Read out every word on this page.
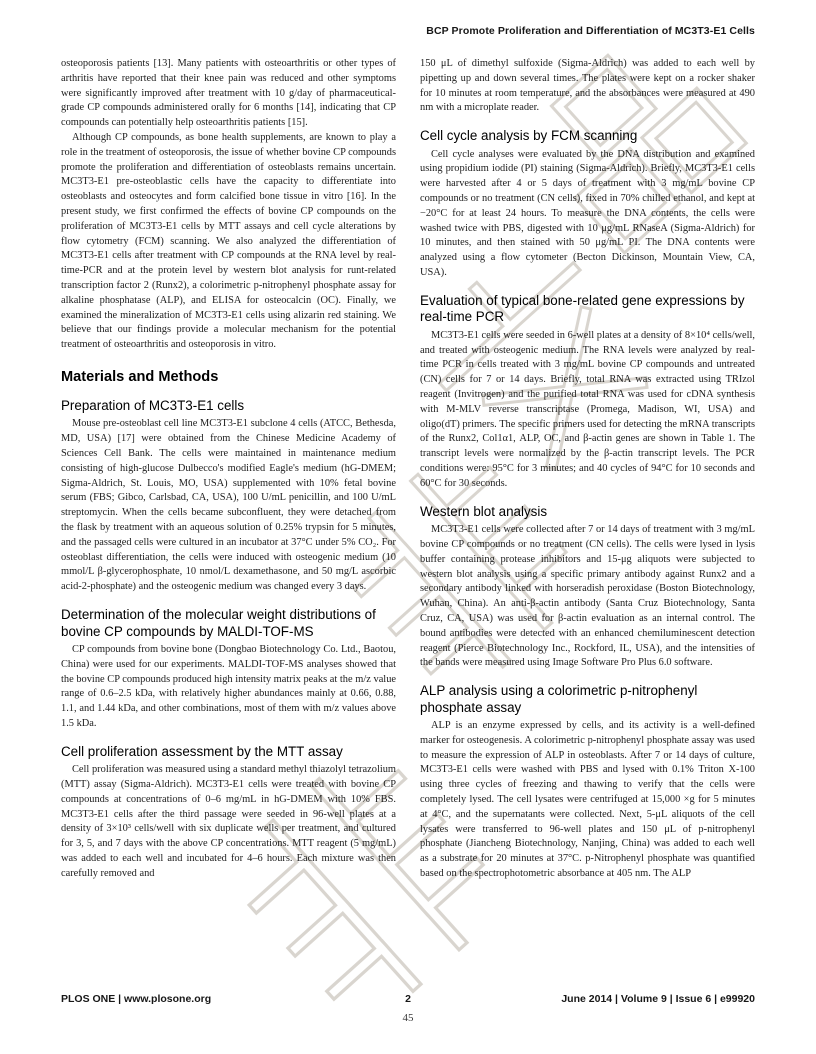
BCP Promote Proliferation and Differentiation of MC3T3-E1 Cells

osteoporosis patients [13]. Many patients with osteoarthritis or other types of arthritis have reported that their knee pain was reduced and other symptoms were significantly improved after treatment with 10 g/day of pharmaceutical-grade CP compounds administered orally for 6 months [14], indicating that CP compounds can potentially help osteoarthritis patients [15].

Although CP compounds, as bone health supplements, are known to play a role in the treatment of osteoporosis, the issue of whether bovine CP compounds promote the proliferation and differentiation of osteoblasts remains uncertain. MC3T3-E1 pre-osteoblastic cells have the capacity to differentiate into osteoblasts and osteocytes and form calcified bone tissue in vitro [16]. In the present study, we first confirmed the effects of bovine CP compounds on the proliferation of MC3T3-E1 cells by MTT assays and cell cycle alterations by flow cytometry (FCM) scanning. We also analyzed the differentiation of MC3T3-E1 cells after treatment with CP compounds at the RNA level by real-time-PCR and at the protein level by western blot analysis for runt-related transcription factor 2 (Runx2), a colorimetric p-nitrophenyl phosphate assay for alkaline phosphatase (ALP), and ELISA for osteocalcin (OC). Finally, we examined the mineralization of MC3T3-E1 cells using alizarin red staining. We believe that our findings provide a molecular mechanism for the potential treatment of osteoarthritis and osteoporosis in vitro.

Materials and Methods
Preparation of MC3T3-E1 cells

Mouse pre-osteoblast cell line MC3T3-E1 subclone 4 cells (ATCC, Bethesda, MD, USA) [17] were obtained from the Chinese Medicine Academy of Sciences Cell Bank. The cells were maintained in maintenance medium consisting of high-glucose Dulbecco's modified Eagle's medium (hG-DMEM; Sigma-Aldrich, St. Louis, MO, USA) supplemented with 10% fetal bovine serum (FBS; Gibco, Carlsbad, CA, USA), 100 U/mL penicillin, and 100 U/mL streptomycin. When the cells became subconfluent, they were detached from the flask by treatment with an aqueous solution of 0.25% trypsin for 5 minutes, and the passaged cells were cultured in an incubator at 37°C under 5% CO₂. For osteoblast differentiation, the cells were induced with osteogenic medium (10 mmol/L β-glycerophosphate, 10 nmol/L dexamethasone, and 50 mg/L ascorbic acid-2-phosphate) and the osteogenic medium was changed every 3 days.

Determination of the molecular weight distributions of bovine CP compounds by MALDI-TOF-MS

CP compounds from bovine bone (Dongbao Biotechnology Co. Ltd., Baotou, China) were used for our experiments. MALDI-TOF-MS analyses showed that the bovine CP compounds produced high intensity matrix peaks at the m/z value range of 0.6–2.5 kDa, with relatively higher abundances mainly at 0.66, 0.88, 1.1, and 1.44 kDa, and other combinations, most of them with m/z values above 1.5 kDa.

Cell proliferation assessment by the MTT assay

Cell proliferation was measured using a standard methyl thiazolyl tetrazolium (MTT) assay (Sigma-Aldrich). MC3T3-E1 cells were treated with bovine CP compounds at concentrations of 0–6 mg/mL in hG-DMEM with 10% FBS. MC3T3-E1 cells after the third passage were seeded in 96-well plates at a density of 3×10³ cells/well with six duplicate wells per treatment, and cultured for 3, 5, and 7 days with the above CP concentrations. MTT reagent (5 mg/mL) was added to each well and incubated for 4–6 hours. Each mixture was then carefully removed and

150 μL of dimethyl sulfoxide (Sigma-Aldrich) was added to each well by pipetting up and down several times. The plates were kept on a rocker shaker for 10 minutes at room temperature, and the absorbances were measured at 490 nm with a microplate reader.

Cell cycle analysis by FCM scanning

Cell cycle analyses were evaluated by the DNA distribution and examined using propidium iodide (PI) staining (Sigma-Aldrich). Briefly, MC3T3-E1 cells were harvested after 4 or 5 days of treatment with 3 mg/mL bovine CP compounds or no treatment (CN cells), fixed in 70% chilled ethanol, and kept at −20°C for at least 24 hours. To measure the DNA contents, the cells were washed twice with PBS, digested with 10 μg/mL RNaseA (Sigma-Aldrich) for 10 minutes, and then stained with 50 μg/mL PI. The DNA contents were analyzed using a flow cytometer (Becton Dickinson, Mountain View, CA, USA).

Evaluation of typical bone-related gene expressions by real-time PCR

MC3T3-E1 cells were seeded in 6-well plates at a density of 8×10⁴ cells/well, and treated with osteogenic medium. The RNA levels were analyzed by real-time PCR in cells treated with 3 mg/mL bovine CP compounds and untreated (CN) cells for 7 or 14 days. Briefly, total RNA was extracted using TRIzol reagent (Invitrogen) and the purified total RNA was used for cDNA synthesis with M-MLV reverse transcriptase (Promega, Madison, WI, USA) and oligo(dT) primers. The specific primers used for detecting the mRNA transcripts of the Runx2, Col1α1, ALP, OC, and β-actin genes are shown in Table 1. The transcript levels were normalized by the β-actin transcript levels. The PCR conditions were: 95°C for 3 minutes; and 40 cycles of 94°C for 10 seconds and 60°C for 30 seconds.

Western blot analysis

MC3T3-E1 cells were collected after 7 or 14 days of treatment with 3 mg/mL bovine CP compounds or no treatment (CN cells). The cells were lysed in lysis buffer containing protease inhibitors and 15-μg aliquots were subjected to western blot analysis using a specific primary antibody against Runx2 and a secondary antibody linked with horseradish peroxidase (Boston Biotechnology, Wuhan, China). An anti-β-actin antibody (Santa Cruz Biotechnology, Santa Cruz, CA, USA) was used for β-actin evaluation as an internal control. The bound antibodies were detected with an enhanced chemiluminescent detection reagent (Pierce Biotechnology Inc., Rockford, IL, USA), and the intensities of the bands were measured using Image Software Pro Plus 6.0 software.

ALP analysis using a colorimetric p-nitrophenyl phosphate assay

ALP is an enzyme expressed by cells, and its activity is a well-defined marker for osteogenesis. A colorimetric p-nitrophenyl phosphate assay was used to measure the expression of ALP in osteoblasts. After 7 or 14 days of culture, MC3T3-E1 cells were washed with PBS and lysed with 0.1% Triton X-100 using three cycles of freezing and thawing to verify that the cells were completely lysed. The cell lysates were centrifuged at 15,000 ×g for 5 minutes at 4°C, and the supernatants were collected. Next, 5-μL aliquots of the cell lysates were transferred to 96-well plates and 150 μL of p-nitrophenyl phosphate (Jiancheng Biotechnology, Nanjing, China) was added to each well as a substrate for 20 minutes at 37°C. p-Nitrophenyl phosphate was quantified based on the spectrophotometric absorbance at 405 nm. The ALP

PLOS ONE | www.plosone.org	2	June 2014 | Volume 9 | Issue 6 | e99920
45
